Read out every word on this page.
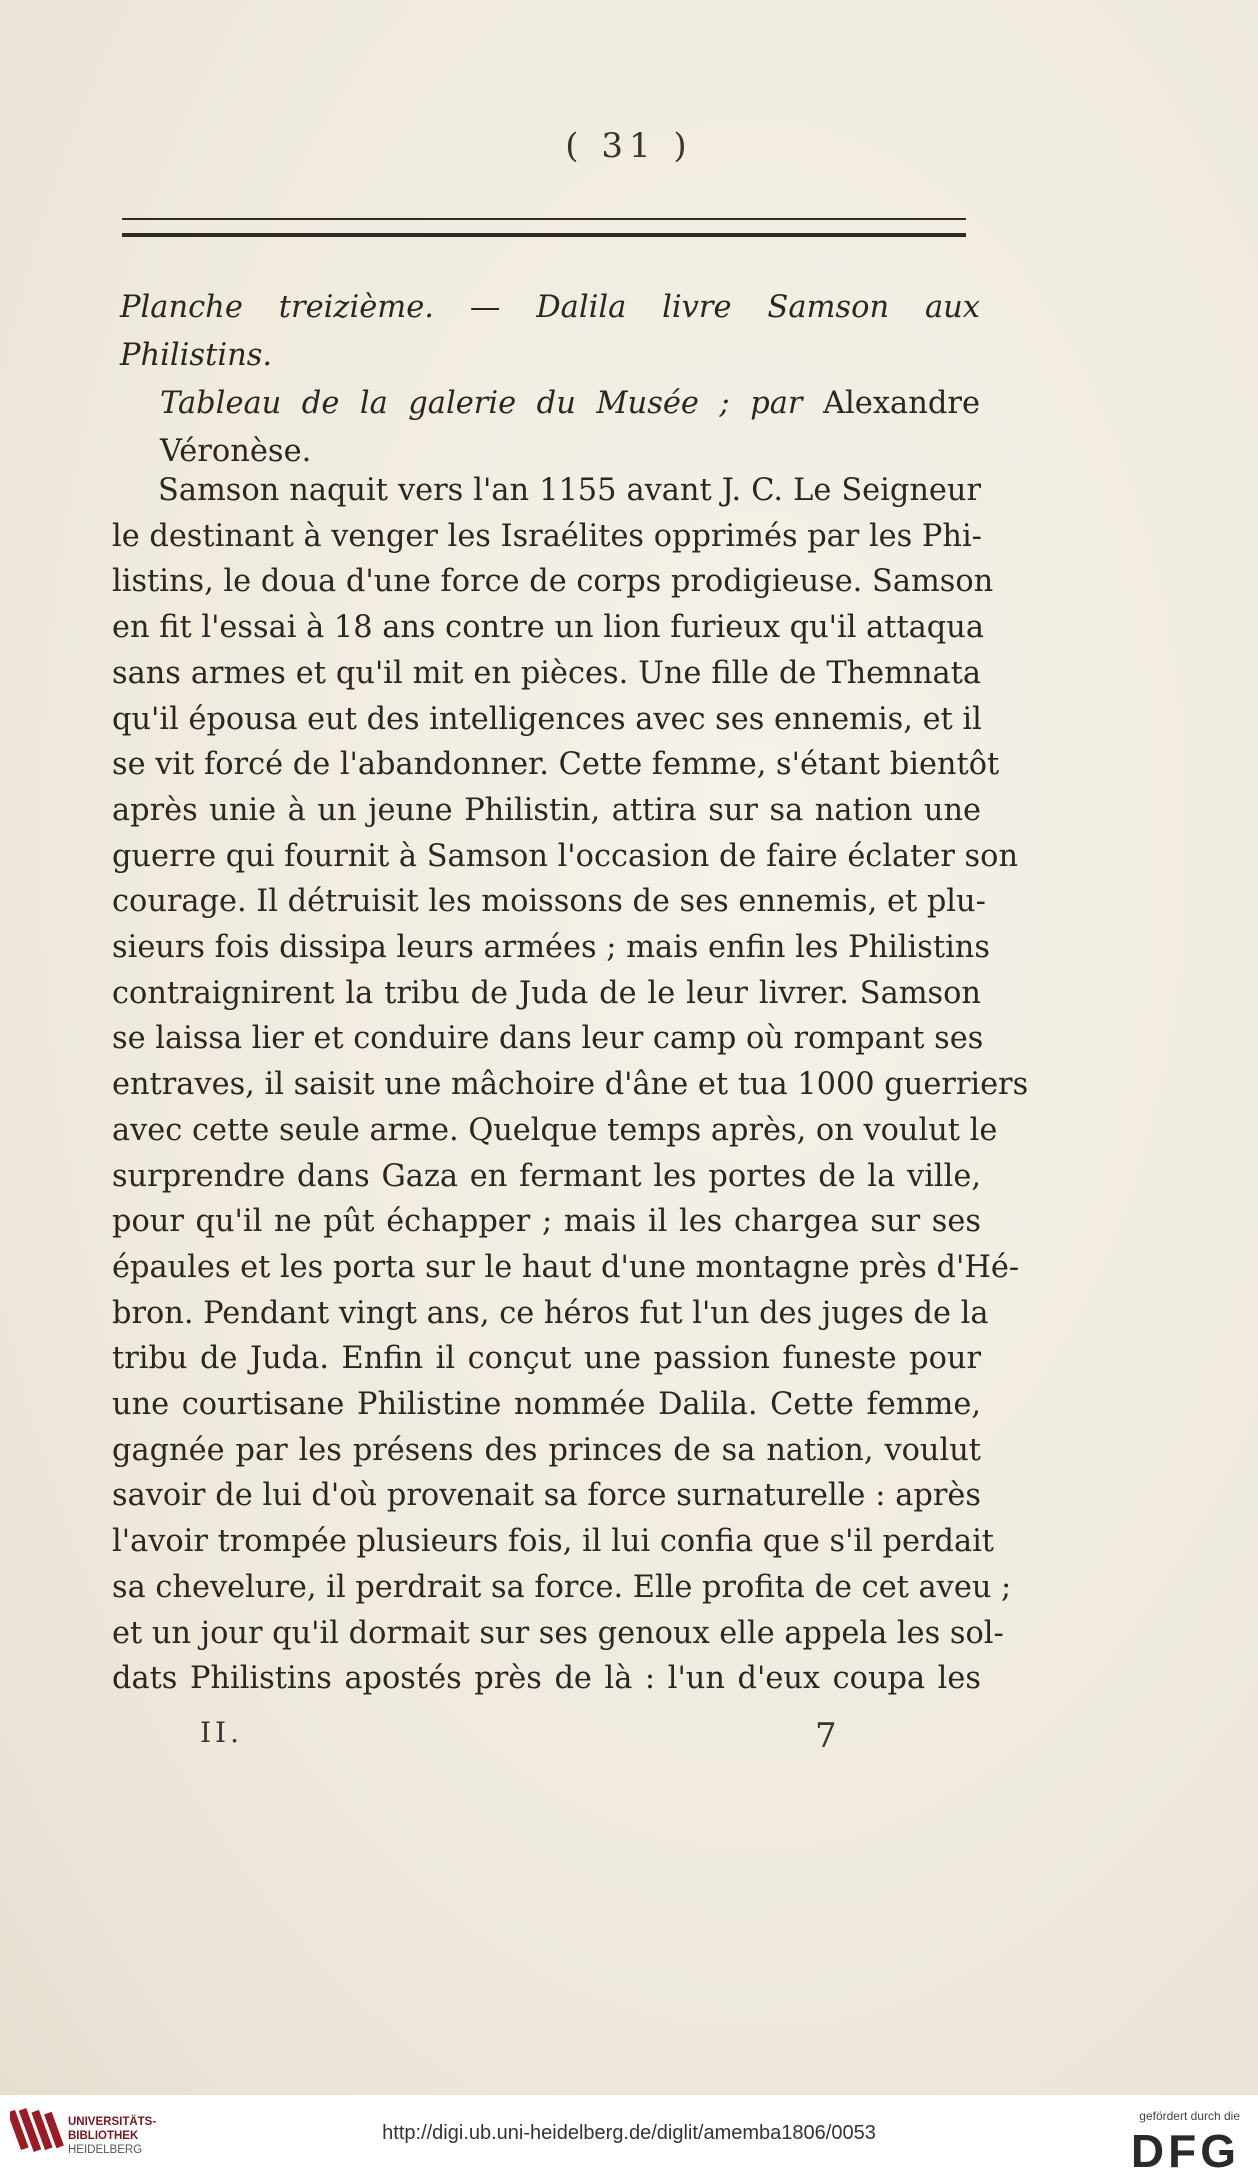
( 31 )
Planche treizième. — Dalila livre Samson aux Philistins.
Tableau de la galerie du Musée ; par Alexandre
Véronèse.
Samson naquit vers l'an 1155 avant J. C. Le Seigneur
le destinant à venger les Israélites opprimés par les Phi-
listins, le doua d'une force de corps prodigieuse. Samson
en fit l'essai à 18 ans contre un lion furieux qu'il attaqua
sans armes et qu'il mit en pièces. Une fille de Themnata
qu'il épousa eut des intelligences avec ses ennemis, et il
se vit forcé de l'abandonner. Cette femme, s'étant bientôt
après unie à un jeune Philistin, attira sur sa nation une
guerre qui fournit à Samson l'occasion de faire éclater son
courage. Il détruisit les moissons de ses ennemis, et plu-
sieurs fois dissipa leurs armées ; mais enfin les Philistins
contraignirent la tribu de Juda de le leur livrer. Samson
se laissa lier et conduire dans leur camp où rompant ses
entraves, il saisit une mâchoire d'âne et tua 1000 guerriers
avec cette seule arme. Quelque temps après, on voulut le
surprendre dans Gaza en fermant les portes de la ville,
pour qu'il ne pût échapper ; mais il les chargea sur ses
épaules et les porta sur le haut d'une montagne près d'Hé-
bron. Pendant vingt ans, ce héros fut l'un des juges de la
tribu de Juda. Enfin il conçut une passion funeste pour
une courtisane Philistine nommée Dalila. Cette femme,
gagnée par les présens des princes de sa nation, voulut
savoir de lui d'où provenait sa force surnaturelle : après
l'avoir trompée plusieurs fois, il lui confia que s'il perdait
sa chevelure, il perdrait sa force. Elle profita de cet aveu ;
et un jour qu'il dormait sur ses genoux elle appela les sol-
dats Philistins apostés près de là : l'un d'eux coupa les
II.	7
UNIVERSITÄTS-
BIBLIOTHEK
HEIDELBERG
http://digi.ub.uni-heidelberg.de/diglit/amemba1806/0053
gefördert durch die
DFG
